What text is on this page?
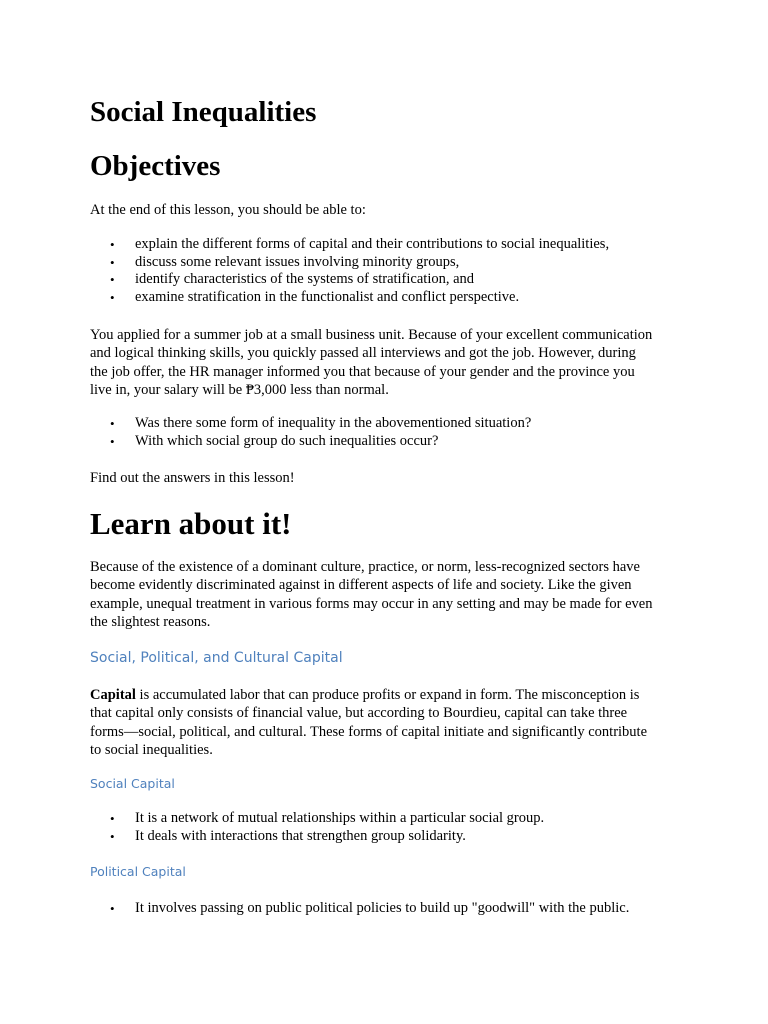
Social Inequalities
Objectives

At the end of this lesson, you should be able to:

• explain the different forms of capital and their contributions to social inequalities,
• discuss some relevant issues involving minority groups,
• identify characteristics of the systems of stratification, and
• examine stratification in the functionalist and conflict perspective.

You applied for a summer job at a small business unit. Because of your excellent communication
and logical thinking skills, you quickly passed all interviews and got the job. However, during
the job offer, the HR manager informed you that because of your gender and the province you
live in, your salary will be ₱3,000 less than normal.

• Was there some form of inequality in the abovementioned situation?
• With which social group do such inequalities occur?

Find out the answers in this lesson!

Learn about it!

Because of the existence of a dominant culture, practice, or norm, less-recognized sectors have
become evidently discriminated against in different aspects of life and society. Like the given
example, unequal treatment in various forms may occur in any setting and may be made for even
the slightest reasons.

Social, Political, and Cultural Capital

Capital is accumulated labor that can produce profits or expand in form. The misconception is
that capital only consists of financial value, but according to Bourdieu, capital can take three
forms—social, political, and cultural. These forms of capital initiate and significantly contribute
to social inequalities.

Social Capital
• It is a network of mutual relationships within a particular social group.
• It deals with interactions that strengthen group solidarity.
Political Capital
• It involves passing on public political policies to build up "goodwill" with the public.
